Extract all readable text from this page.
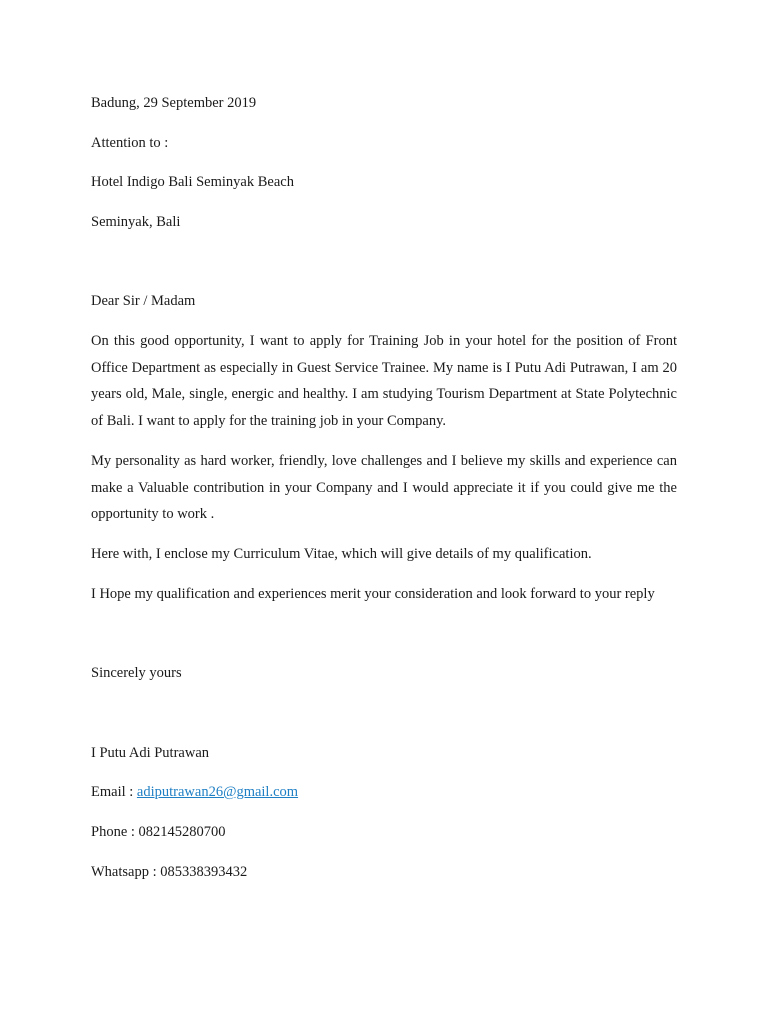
Badung, 29 September 2019
Attention to :
Hotel Indigo Bali Seminyak Beach
Seminyak, Bali
Dear Sir / Madam
On this good opportunity, I want to apply for Training Job in your hotel for the position of Front Office Department as especially in Guest Service Trainee. My name is I Putu Adi Putrawan, I am 20 years old, Male, single, energic and healthy. I am studying Tourism Department at State Polytechnic of Bali. I want to apply for the training job in your Company.
My personality as hard worker, friendly, love challenges and I believe my skills and experience can make a Valuable contribution in your Company and I would appreciate it if you could give me the opportunity to work .
Here with, I enclose my Curriculum Vitae, which will give details of my qualification.
I Hope my qualification and experiences merit your consideration and look forward to your reply
Sincerely yours
I Putu Adi Putrawan
Email : adiputrawan26@gmail.com
Phone : 082145280700
Whatsapp : 085338393432
